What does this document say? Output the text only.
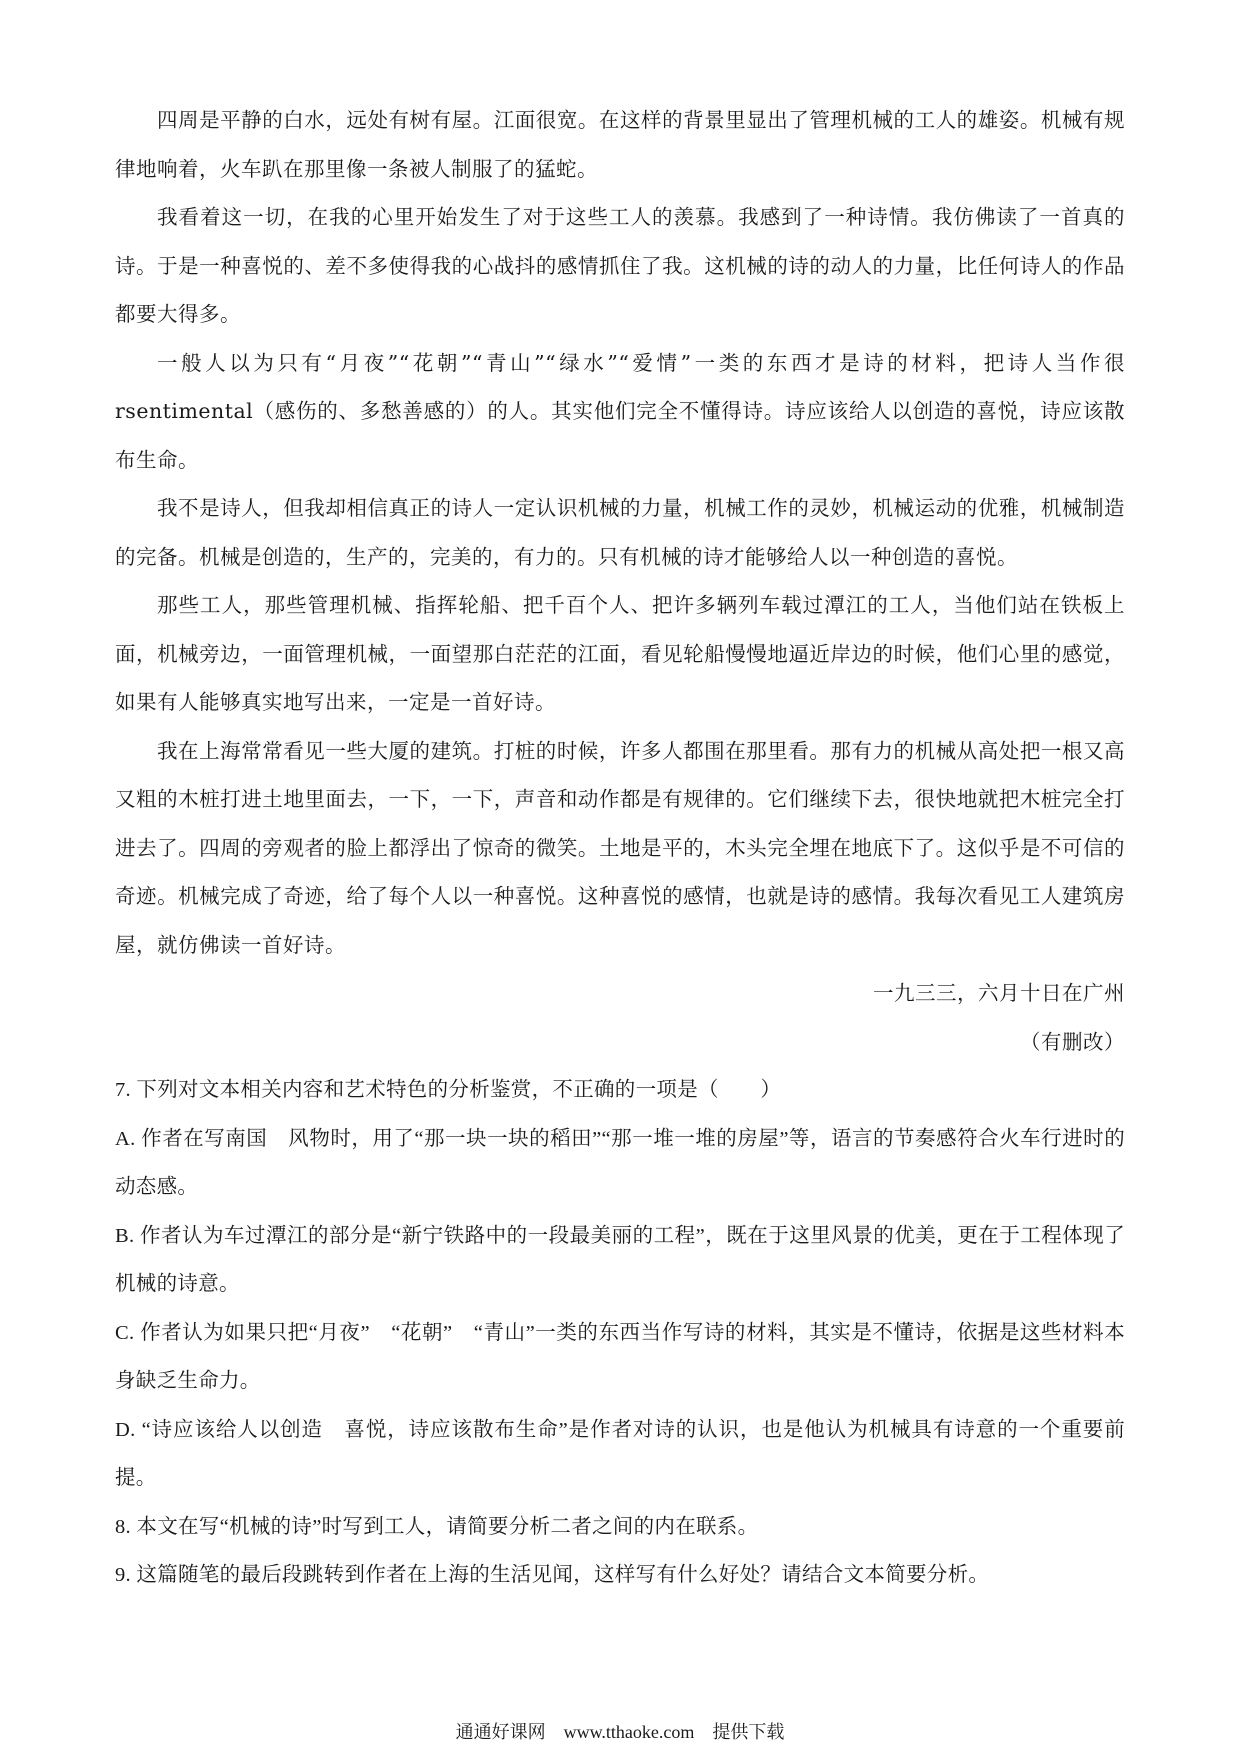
四周是平静的白水，远处有树有屋。江面很宽。在这样的背景里显出了管理机械的工人的雄姿。机械有规律地响着，火车趴在那里像一条被人制服了的猛蛇。

我看着这一切，在我的心里开始发生了对于这些工人的羡慕。我感到了一种诗情。我仿佛读了一首真的诗。于是一种喜悦的、差不多使得我的心战抖的感情抓住了我。这机械的诗的动人的力量，比任何诗人的作品都要大得多。

一般人以为只有“月夜”“花朝”“青山”“绿水”“爱情”一类的东西才是诗的材料，把诗人当作很 rsentimental（感伤的、多愁善感的）的人。其实他们完全不懂得诗。诗应该给人以创造的喜悦，诗应该散布生命。

我不是诗人，但我却相信真正的诗人一定认识机械的力量，机械工作的灵妙，机械运动的优雅，机械制造的完备。机械是创造的，生产的，完美的，有力的。只有机械的诗才能够给人以一种创造的喜悦。

那些工人，那些管理机械、指挥轮船、把千百个人、把许多辆列车载过潭江的工人，当他们站在铁板上面，机械旁边，一面管理机械，一面望那白茫茫的江面，看见轮船慢慢地逼近岸边的时候，他们心里的感觉，如果有人能够真实地写出来，一定是一首好诗。

我在上海常常看见一些大厦的建筑。打桩的时候，许多人都围在那里看。那有力的机械从高处把一根又高又粗的木桩打进土地里面去，一下，一下，声音和动作都是有规律的。它们继续下去，很快地就把木桩完全打进去了。四周的旁观者的脸上都浮出了惊奇的微笑。土地是平的，木头完全埋在地底下了。这似乎是不可信的奇迹。机械完成了奇迹，给了每个人以一种喜悦。这种喜悦的感情，也就是诗的感情。我每次看见工人建筑房屋，就仿佛读一首好诗。

一九三三，六月十日在广州

（有删改）

7. 下列对文本相关内容和艺术特色的分析鉴赏，不正确的一项是（　　）

A. 作者在写南国　风物时，用了“那一块一块的稻田”“那一堆一堆的房屋”等，语言的节奏感符合火车行进时的动态感。

B. 作者认为车过潭江的部分是“新宁铁路中的一段最美丽的工程”，既在于这里风景的优美，更在于工程体现了机械的诗意。

C. 作者认为如果只把“月夜”　“花朝”　“青山”一类的东西当作写诗的材料，其实是不懂诗，依据是这些材料本身缺乏生命力。

D. “诗应该给人以创造　喜悦，诗应该散布生命”是作者对诗的认识，也是他认为机械具有诗意的一个重要前提。

8. 本文在写“机械的诗”时写到工人，请简要分析二者之间的内在联系。

9. 这篇随笔的最后段跳转到作者在上海的生活见闻，这样写有什么好处？请结合文本简要分析。

通通好课网　www.tthaoke.com　提供下载
